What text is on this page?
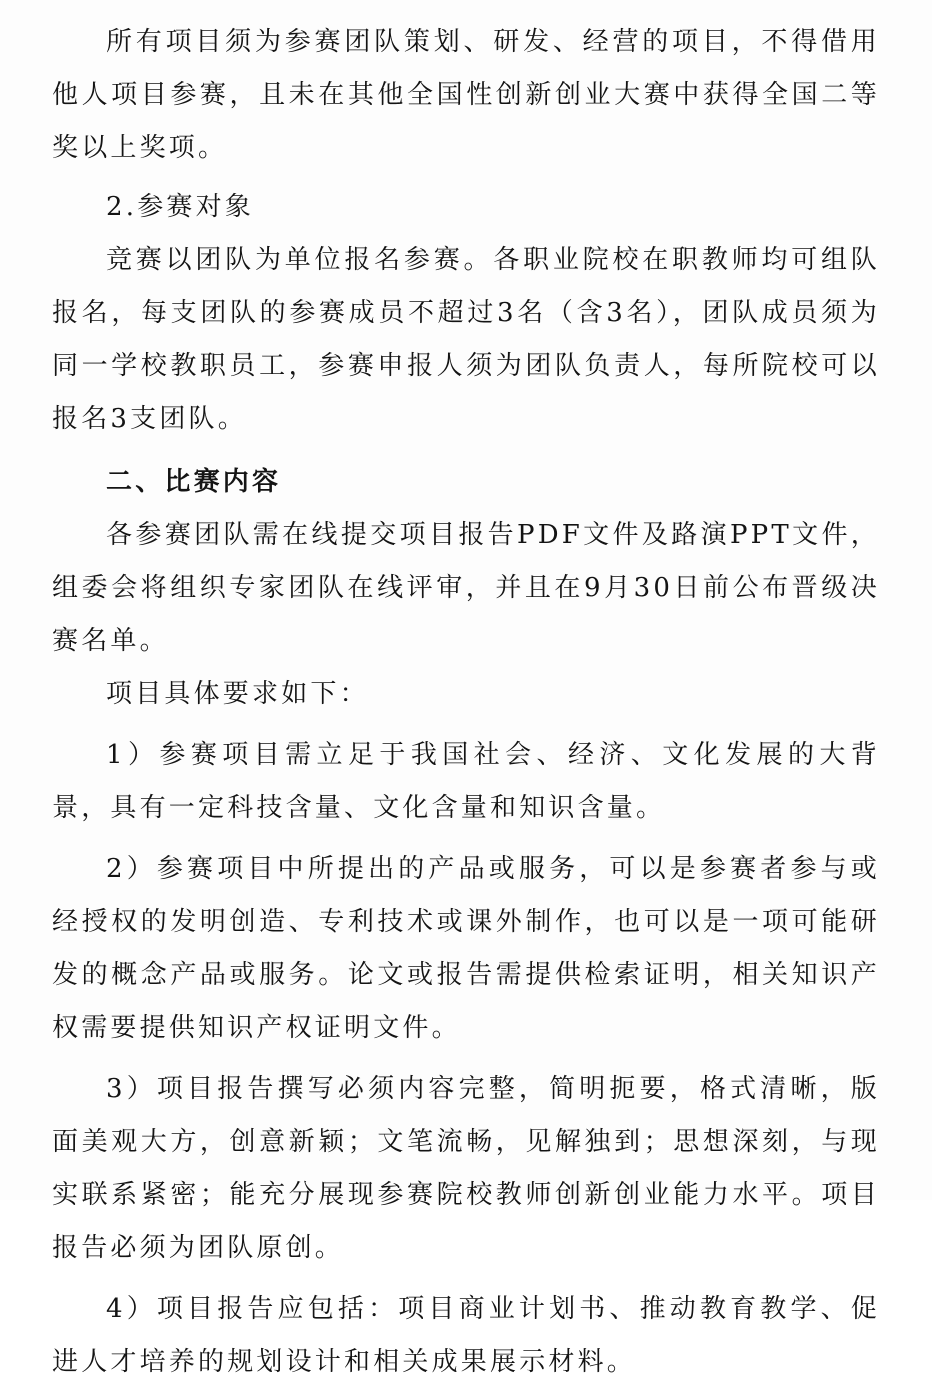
所有项目须为参赛团队策划、研发、经营的项目，不得借用他人项目参赛，且未在其他全国性创新创业大赛中获得全国二等奖以上奖项。

2.参赛对象

竞赛以团队为单位报名参赛。各职业院校在职教师均可组队报名，每支团队的参赛成员不超过3名（含3名），团队成员须为同一学校教职员工，参赛申报人须为团队负责人，每所院校可以报名3支团队。

二、比赛内容

各参赛团队需在线提交项目报告PDF文件及路演PPT文件，组委会将组织专家团队在线评审，并且在9月30日前公布晋级决赛名单。

项目具体要求如下：

1）参赛项目需立足于我国社会、经济、文化发展的大背景，具有一定科技含量、文化含量和知识含量。

2）参赛项目中所提出的产品或服务，可以是参赛者参与或经授权的发明创造、专利技术或课外制作，也可以是一项可能研发的概念产品或服务。论文或报告需提供检索证明，相关知识产权需要提供知识产权证明文件。

3）项目报告撰写必须内容完整，简明扼要，格式清晰，版面美观大方，创意新颖；文笔流畅，见解独到；思想深刻，与现实联系紧密；能充分展现参赛院校教师创新创业能力水平。项目报告必须为团队原创。

4）项目报告应包括：项目商业计划书、推动教育教学、促进人才培养的规划设计和相关成果展示材料。
